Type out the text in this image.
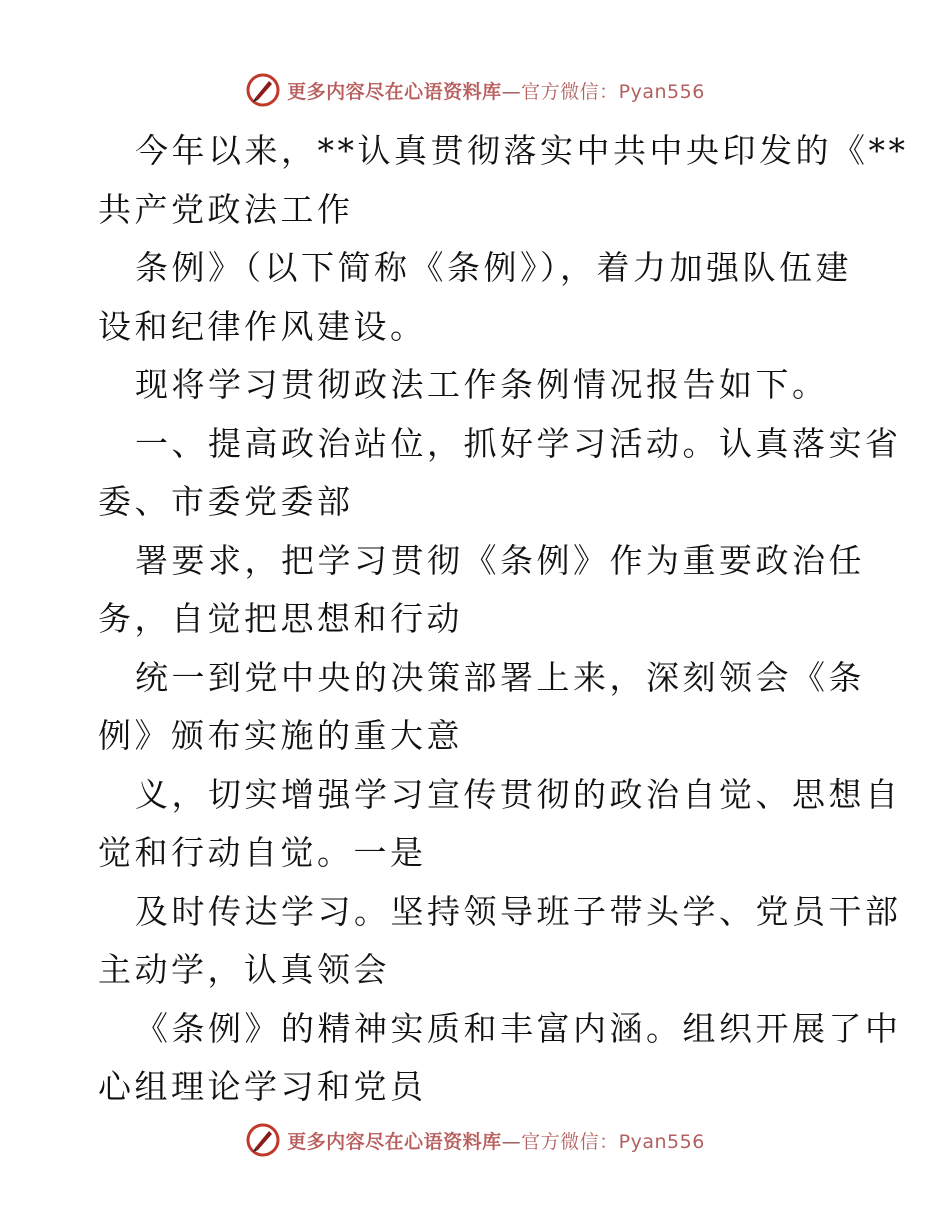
更多内容尽在心语资料库—官方微信：Pyan556
今年以来，**认真贯彻落实中共中央印发的《**
共产党政法工作
条例》（以下简称《条例》），着力加强队伍建
设和纪律作风建设。
现将学习贯彻政法工作条例情况报告如下。
一、提高政治站位，抓好学习活动。认真落实省
委、市委党委部
署要求，把学习贯彻《条例》作为重要政治任
务，自觉把思想和行动
统一到党中央的决策部署上来，深刻领会《条
例》颁布实施的重大意
义，切实增强学习宣传贯彻的政治自觉、思想自
觉和行动自觉。一是
及时传达学习。坚持领导班子带头学、党员干部
主动学，认真领会
《条例》的精神实质和丰富内涵。组织开展了中
心组理论学习和党员
更多内容尽在心语资料库—官方微信：Pyan556
